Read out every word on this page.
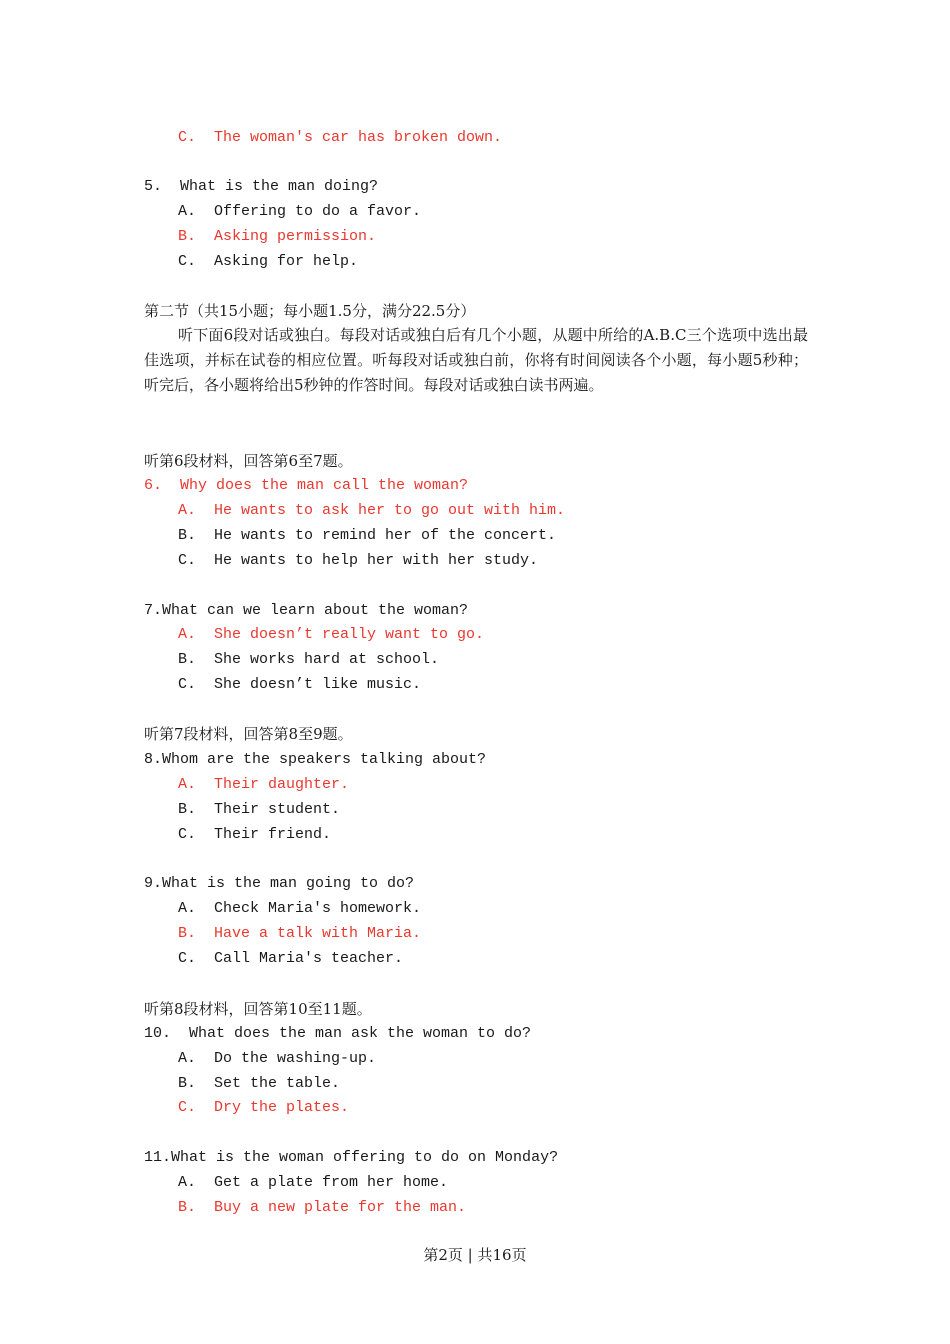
C.  The woman's car has broken down.
5.  What is the man doing?
A.  Offering to do a favor.
B.  Asking permission.
C.  Asking for help.
第二节（共15小题；每小题1.5分，满分22.5分）
听下面6段对话或独白。每段对话或独白后有几个小题，从题中所给的A.B.C三个选项中选出最佳选项，并标在试卷的相应位置。听每段对话或独白前，你将有时间阅读各个小题，每小题5秒种；听完后，各小题将给出5秒钟的作答时间。每段对话或独白读书两遍。
听第6段材料，回答第6至7题。
6.  Why does the man call the woman?
A.  He wants to ask her to go out with him.
B.  He wants to remind her of the concert.
C.  He wants to help her with her study.
7.What can we learn about the woman?
A.  She doesn’t really want to go.
B.  She works hard at school.
C.  She doesn’t like music.
听第7段材料，回答第8至9题。
8.Whom are the speakers talking about?
A.  Their daughter.
B.  Their student.
C.  Their friend.
9.What is the man going to do?
A.  Check Maria's homework.
B.  Have a talk with Maria.
C.  Call Maria's teacher.
听第8段材料，回答第10至11题。
10.  What does the man ask the woman to do?
A.  Do the washing-up.
B.  Set the table.
C.  Dry the plates.
11.What is the woman offering to do on Monday?
A.  Get a plate from her home.
B.  Buy a new plate for the man.
第2页 | 共16页
